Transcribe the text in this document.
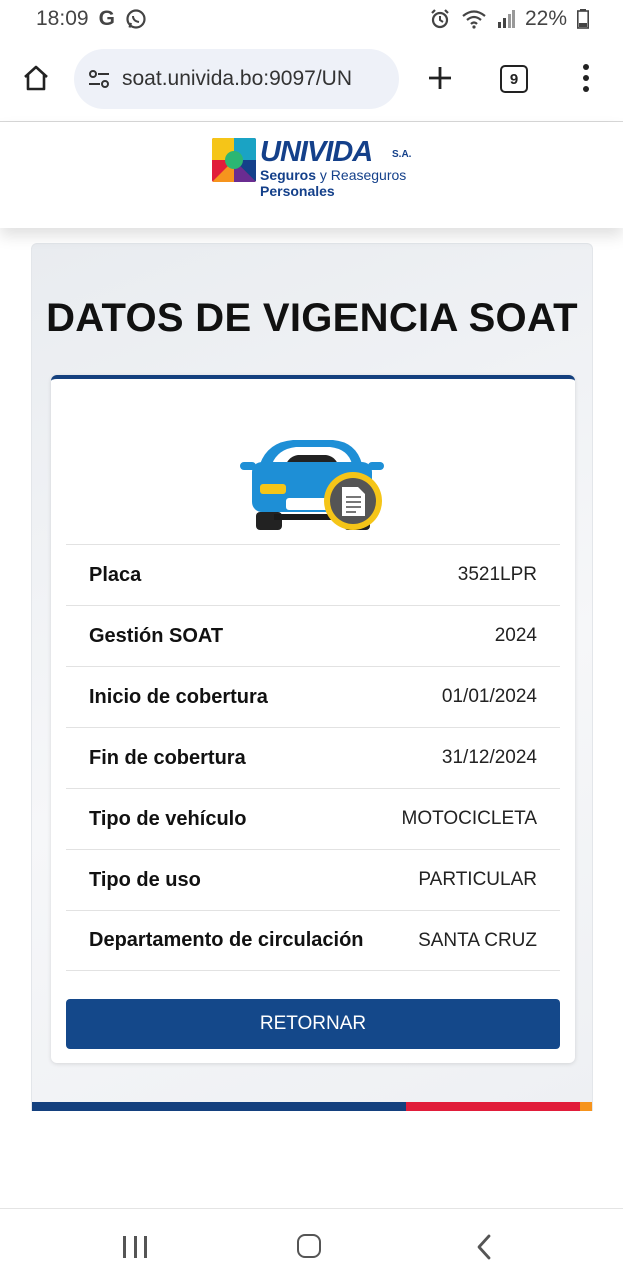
18:09 G	22%
soat.univida.bo:9097/UN	9
UNIVIDA S.A.
Seguros y Reaseguros
Personales
DATOS DE VIGENCIA SOAT
Placa	3521LPR
Gestión SOAT	2024
Inicio de cobertura	01/01/2024
Fin de cobertura	31/12/2024
Tipo de vehículo	MOTOCICLETA
Tipo de uso	PARTICULAR
Departamento de circulación	SANTA CRUZ
RETORNAR
